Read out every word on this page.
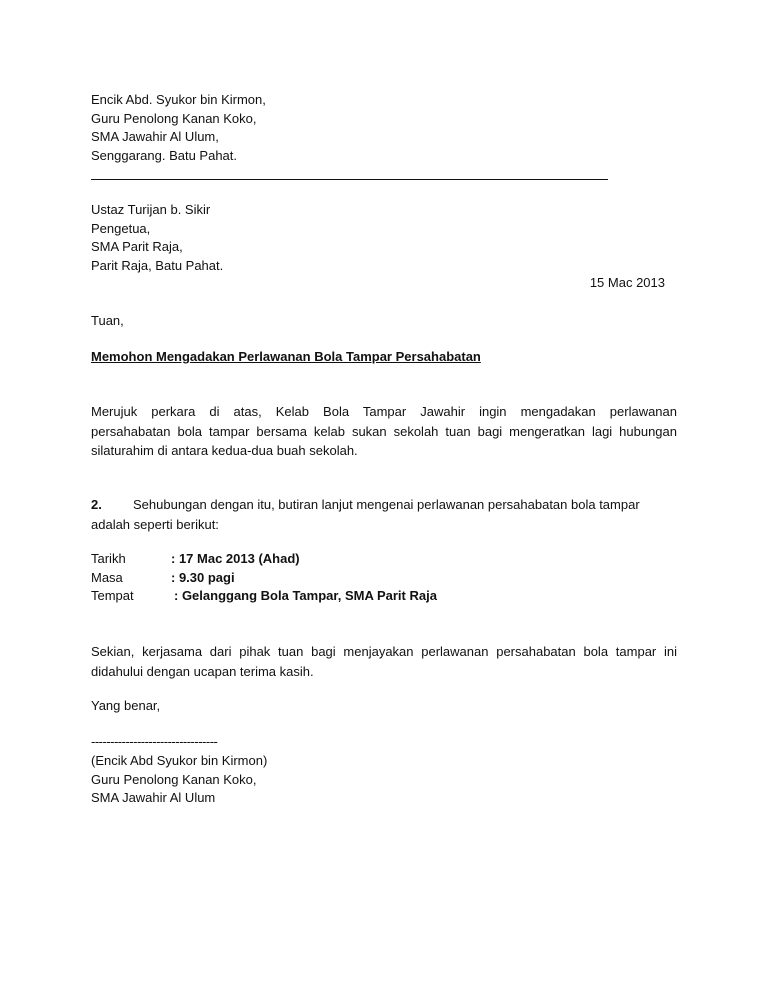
Encik Abd. Syukor bin Kirmon,
Guru Penolong Kanan Koko,
SMA Jawahir Al Ulum,
Senggarang. Batu Pahat.
Ustaz Turijan b. Sikir
Pengetua,
SMA Parit Raja,
Parit Raja, Batu Pahat.
15 Mac 2013
Tuan,
Memohon Mengadakan Perlawanan Bola Tampar Persahabatan
Merujuk perkara di atas, Kelab Bola Tampar Jawahir ingin mengadakan perlawanan
persahabatan bola tampar bersama kelab sukan sekolah tuan bagi mengeratkan lagi hubungan
silaturahim di antara kedua-dua buah sekolah.
2. Sehubungan dengan itu, butiran lanjut mengenai perlawanan persahabatan bola tampar
adalah seperti berikut:
Tarikh	: 17 Mac 2013 (Ahad)
Masa	: 9.30 pagi
Tempat	: Gelanggang Bola Tampar, SMA Parit Raja
Sekian, kerjasama dari pihak tuan bagi menjayakan perlawanan persahabatan bola tampar ini
didahului dengan ucapan terima kasih.
Yang benar,
---------------------------------
(Encik Abd Syukor bin Kirmon)
Guru Penolong Kanan Koko,
SMA Jawahir Al Ulum
